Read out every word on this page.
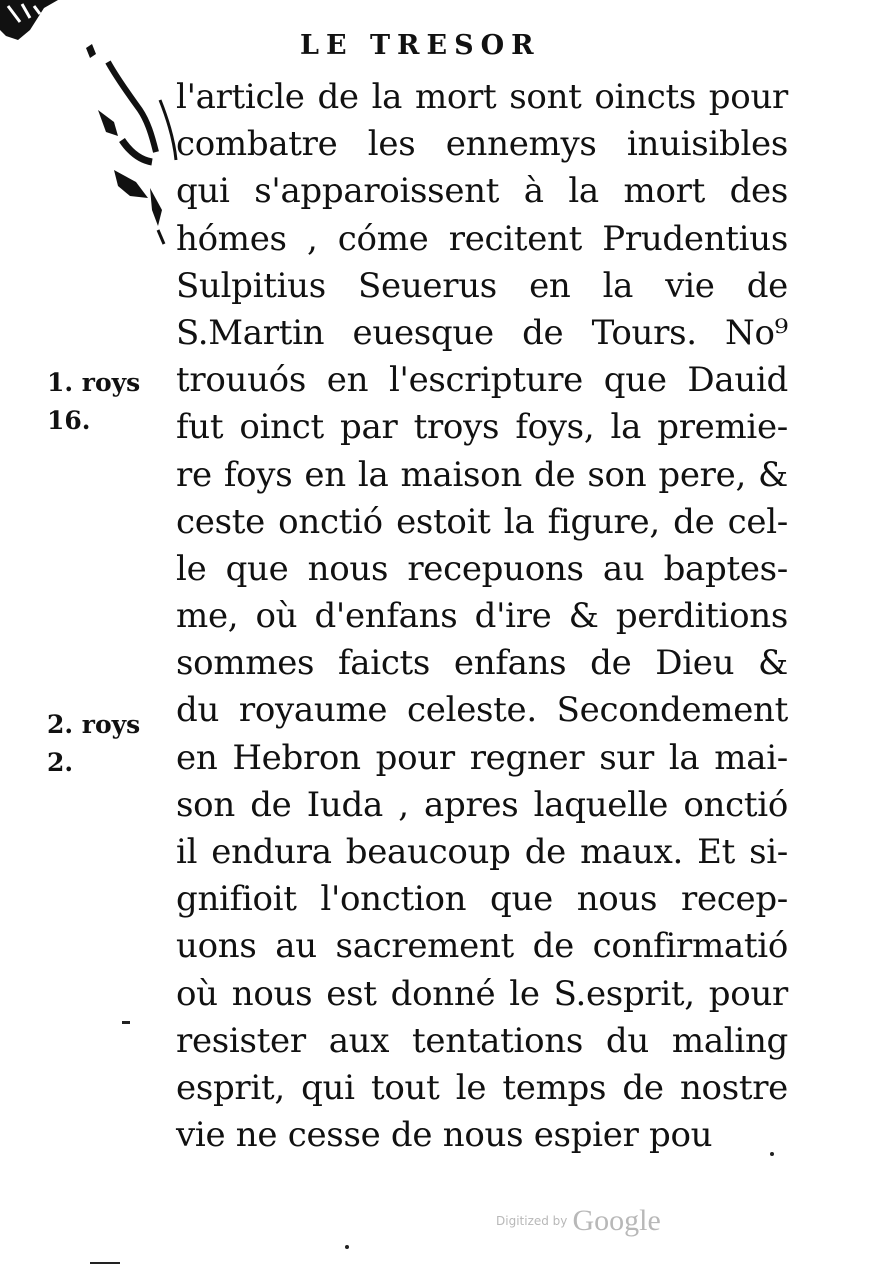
LE TRESOR
l'article de la mort sont oincts pour
combatre les ennemys inuisibles
qui s'apparoissent à la mort des
hómes , cóme recitent Prudentius
Sulpitius Seuerus en la vie de
S.Martin euesque de Tours. No⁹
trouuós en l'escripture que Dauid
fut oinct par troys foys, la premie-
re foys en la maison de son pere, &
ceste onctió estoit la figure, de cel-
le que nous recepuons au baptes-
me, où d'enfans d'ire & perditions
sommes faicts enfans de Dieu &
du royaume celeste. Secondement
en Hebron pour regner sur la mai-
son de Iuda , apres laquelle onctió
il endura beaucoup de maux. Et si-
gnifioit l'onction que nous recep-
uons au sacrement de confirmatió
où nous est donné le S.esprit, pour
resister aux tentations du maling
esprit, qui tout le temps de nostre
vie ne cesse de nous espier pou
1. roys
16.
2. roys
2.
Digitized by Google
